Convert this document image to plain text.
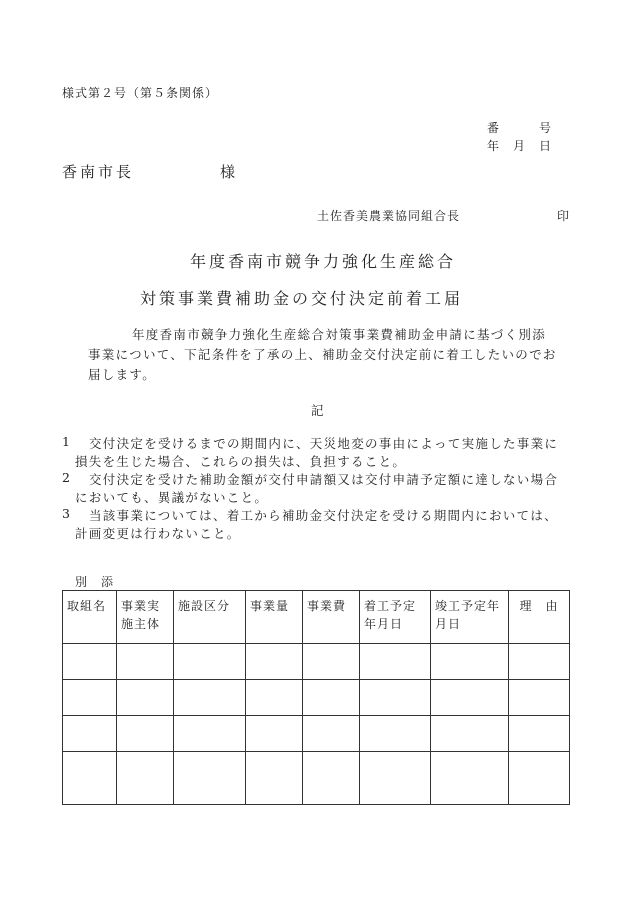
様式第２号（第５条関係）
番　　　号
年　月　日
香南市長	様
土佐香美農業協同組合長	印
年度香南市競争力強化生産総合
対策事業費補助金の交付決定前着工届
年度香南市競争力強化生産総合対策事業費補助金申請に基づく別添
事業について、下記条件を了承の上、補助金交付決定前に着工したいのでお
届します。
記
1 交付決定を受けるまでの期間内に、天災地変の事由によって実施した事業に
損失を生じた場合、これらの損失は、負担すること。
2 交付決定を受けた補助金額が交付申請額又は交付申請予定額に達しない場合
においても、異議がないこと。
3 当該事業については、着工から補助金交付決定を受ける期間内においては、
計画変更は行わないこと。
別　添
取組名	事業実施主体	施設区分	事業量	事業費	着工予定年月日	竣工予定年月日	理　由
